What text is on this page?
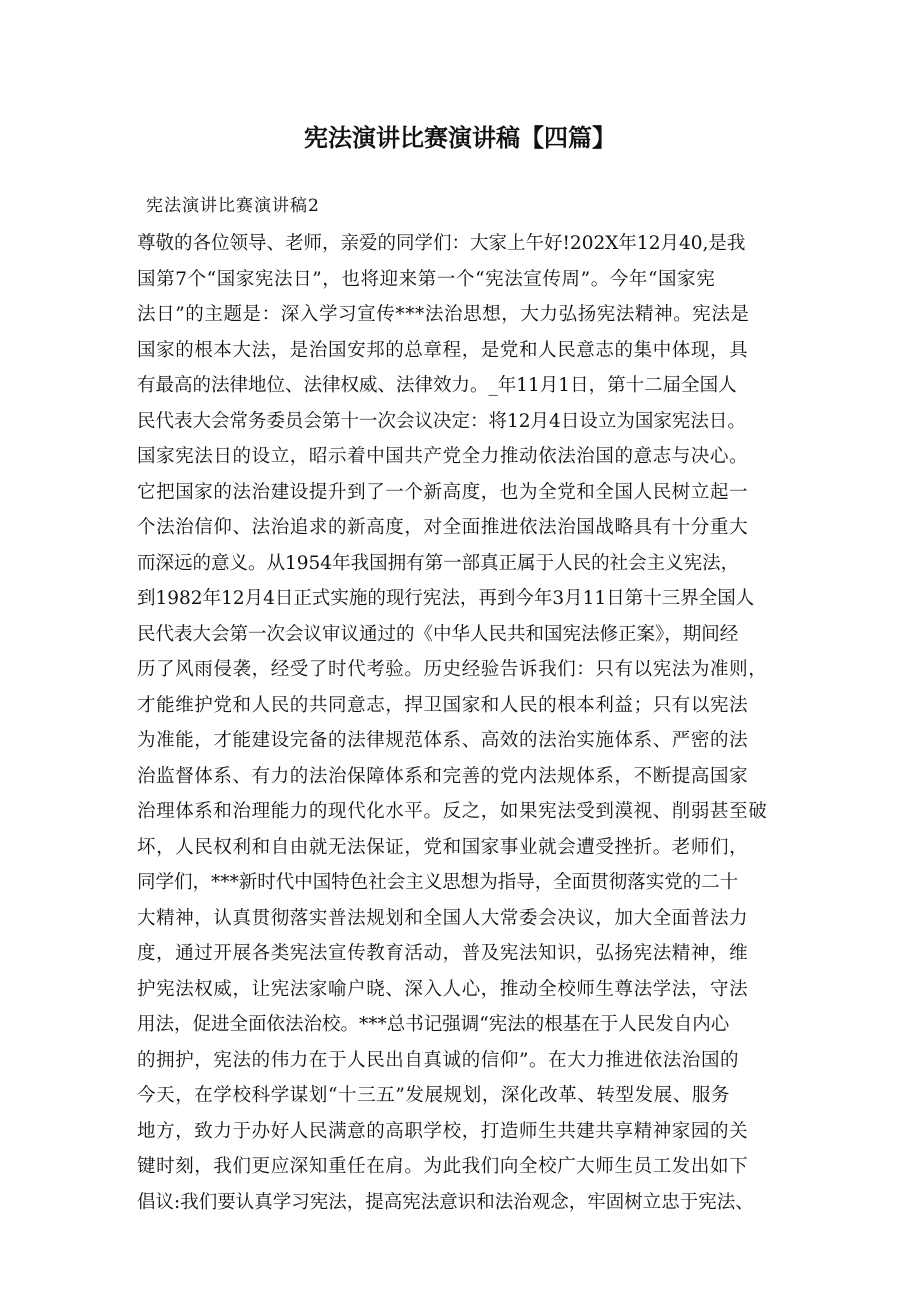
宪法演讲比赛演讲稿【四篇】
宪法演讲比赛演讲稿2
尊敬的各位领导、老师，亲爱的同学们：大家上午好!202X年12月40,是我
国第7个“国家宪法日”，也将迎来第一个“宪法宣传周”。今年“国家宪
法日”的主题是：深入学习宣传***法治思想，大力弘扬宪法精神。宪法是
国家的根本大法，是治国安邦的总章程，是党和人民意志的集中体现，具
有最高的法律地位、法律权威、法律效力。_年11月1日，第十二届全国人
民代表大会常务委员会第十一次会议决定：将12月4日设立为国家宪法日。
国家宪法日的设立，昭示着中国共产党全力推动依法治国的意志与决心。
它把国家的法治建设提升到了一个新高度，也为全党和全国人民树立起一
个法治信仰、法治追求的新高度，对全面推进依法治国战略具有十分重大
而深远的意义。从1954年我国拥有第一部真正属于人民的社会主义宪法，
到1982年12月4日正式实施的现行宪法，再到今年3月11日第十三界全国人
民代表大会第一次会议审议通过的《中华人民共和国宪法修正案》，期间经
历了风雨侵袭，经受了时代考验。历史经验告诉我们：只有以宪法为准则，
才能维护党和人民的共同意志，捍卫国家和人民的根本利益；只有以宪法
为准能，才能建设完备的法律规范体系、高效的法治实施体系、严密的法
治监督体系、有力的法治保障体系和完善的党内法规体系，不断提高国家
治理体系和治理能力的现代化水平。反之，如果宪法受到漠视、削弱甚至破
坏，人民权利和自由就无法保证，党和国家事业就会遭受挫折。老师们，
同学们，***新时代中国特色社会主义思想为指导，全面贯彻落实党的二十
大精神，认真贯彻落实普法规划和全国人大常委会决议，加大全面普法力
度，通过开展各类宪法宣传教育活动，普及宪法知识，弘扬宪法精神，维
护宪法权威，让宪法家喻户晓、深入人心，推动全校师生尊法学法，守法
用法，促进全面依法治校。***总书记强调“宪法的根基在于人民发自内心
的拥护，宪法的伟力在于人民出自真诚的信仰”。在大力推进依法治国的
今天，在学校科学谋划“十三五”发展规划，深化改革、转型发展、服务
地方，致力于办好人民满意的高职学校，打造师生共建共享精神家园的关
键时刻，我们更应深知重任在肩。为此我们向全校广大师生员工发出如下
倡议:我们要认真学习宪法，提高宪法意识和法治观念，牢固树立忠于宪法、
